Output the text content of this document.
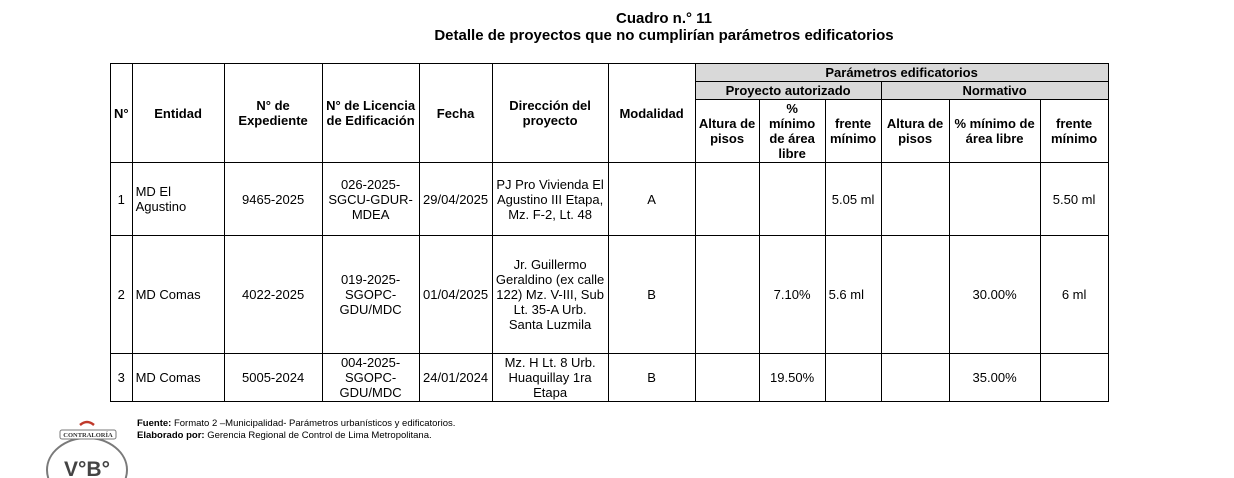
Cuadro n.° 11
Detalle de proyectos que no cumplirían parámetros edificatorios
N°	Entidad	N° de Expediente	N° de Licencia de Edificación	Fecha	Dirección del proyecto	Modalidad	Parámetros edificatorios					
							Proyecto autorizado			Normativo		
							Altura de pisos	% mínimo de área libre	frente mínimo	Altura de pisos	% mínimo de área libre	frente mínimo
1	MD El Agustino	9465-2025	026-2025-SGCU-GDUR-MDEA	29/04/2025	PJ Pro Vivienda El Agustino III Etapa, Mz. F-2, Lt. 48	A			5.05 ml			5.50 ml
2	MD Comas	4022-2025	019-2025-SGOPC-GDU/MDC	01/04/2025	Jr. Guillermo Geraldino (ex calle 122) Mz. V-III, Sub Lt. 35-A Urb. Santa Luzmila	B		7.10%	5.6 ml		30.00%	6 ml
3	MD Comas	5005-2024	004-2025-SGOPC-GDU/MDC	24/01/2024	Mz. H Lt. 8 Urb. Huaquillay 1ra Etapa	B		19.50%			35.00%	
Fuente: Formato 2 –Municipalidad- Parámetros urbanísticos y edificatorios.
Elaborado por: Gerencia Regional de Control de Lima Metropolitana.
CONTRALORÍA
V°B°
